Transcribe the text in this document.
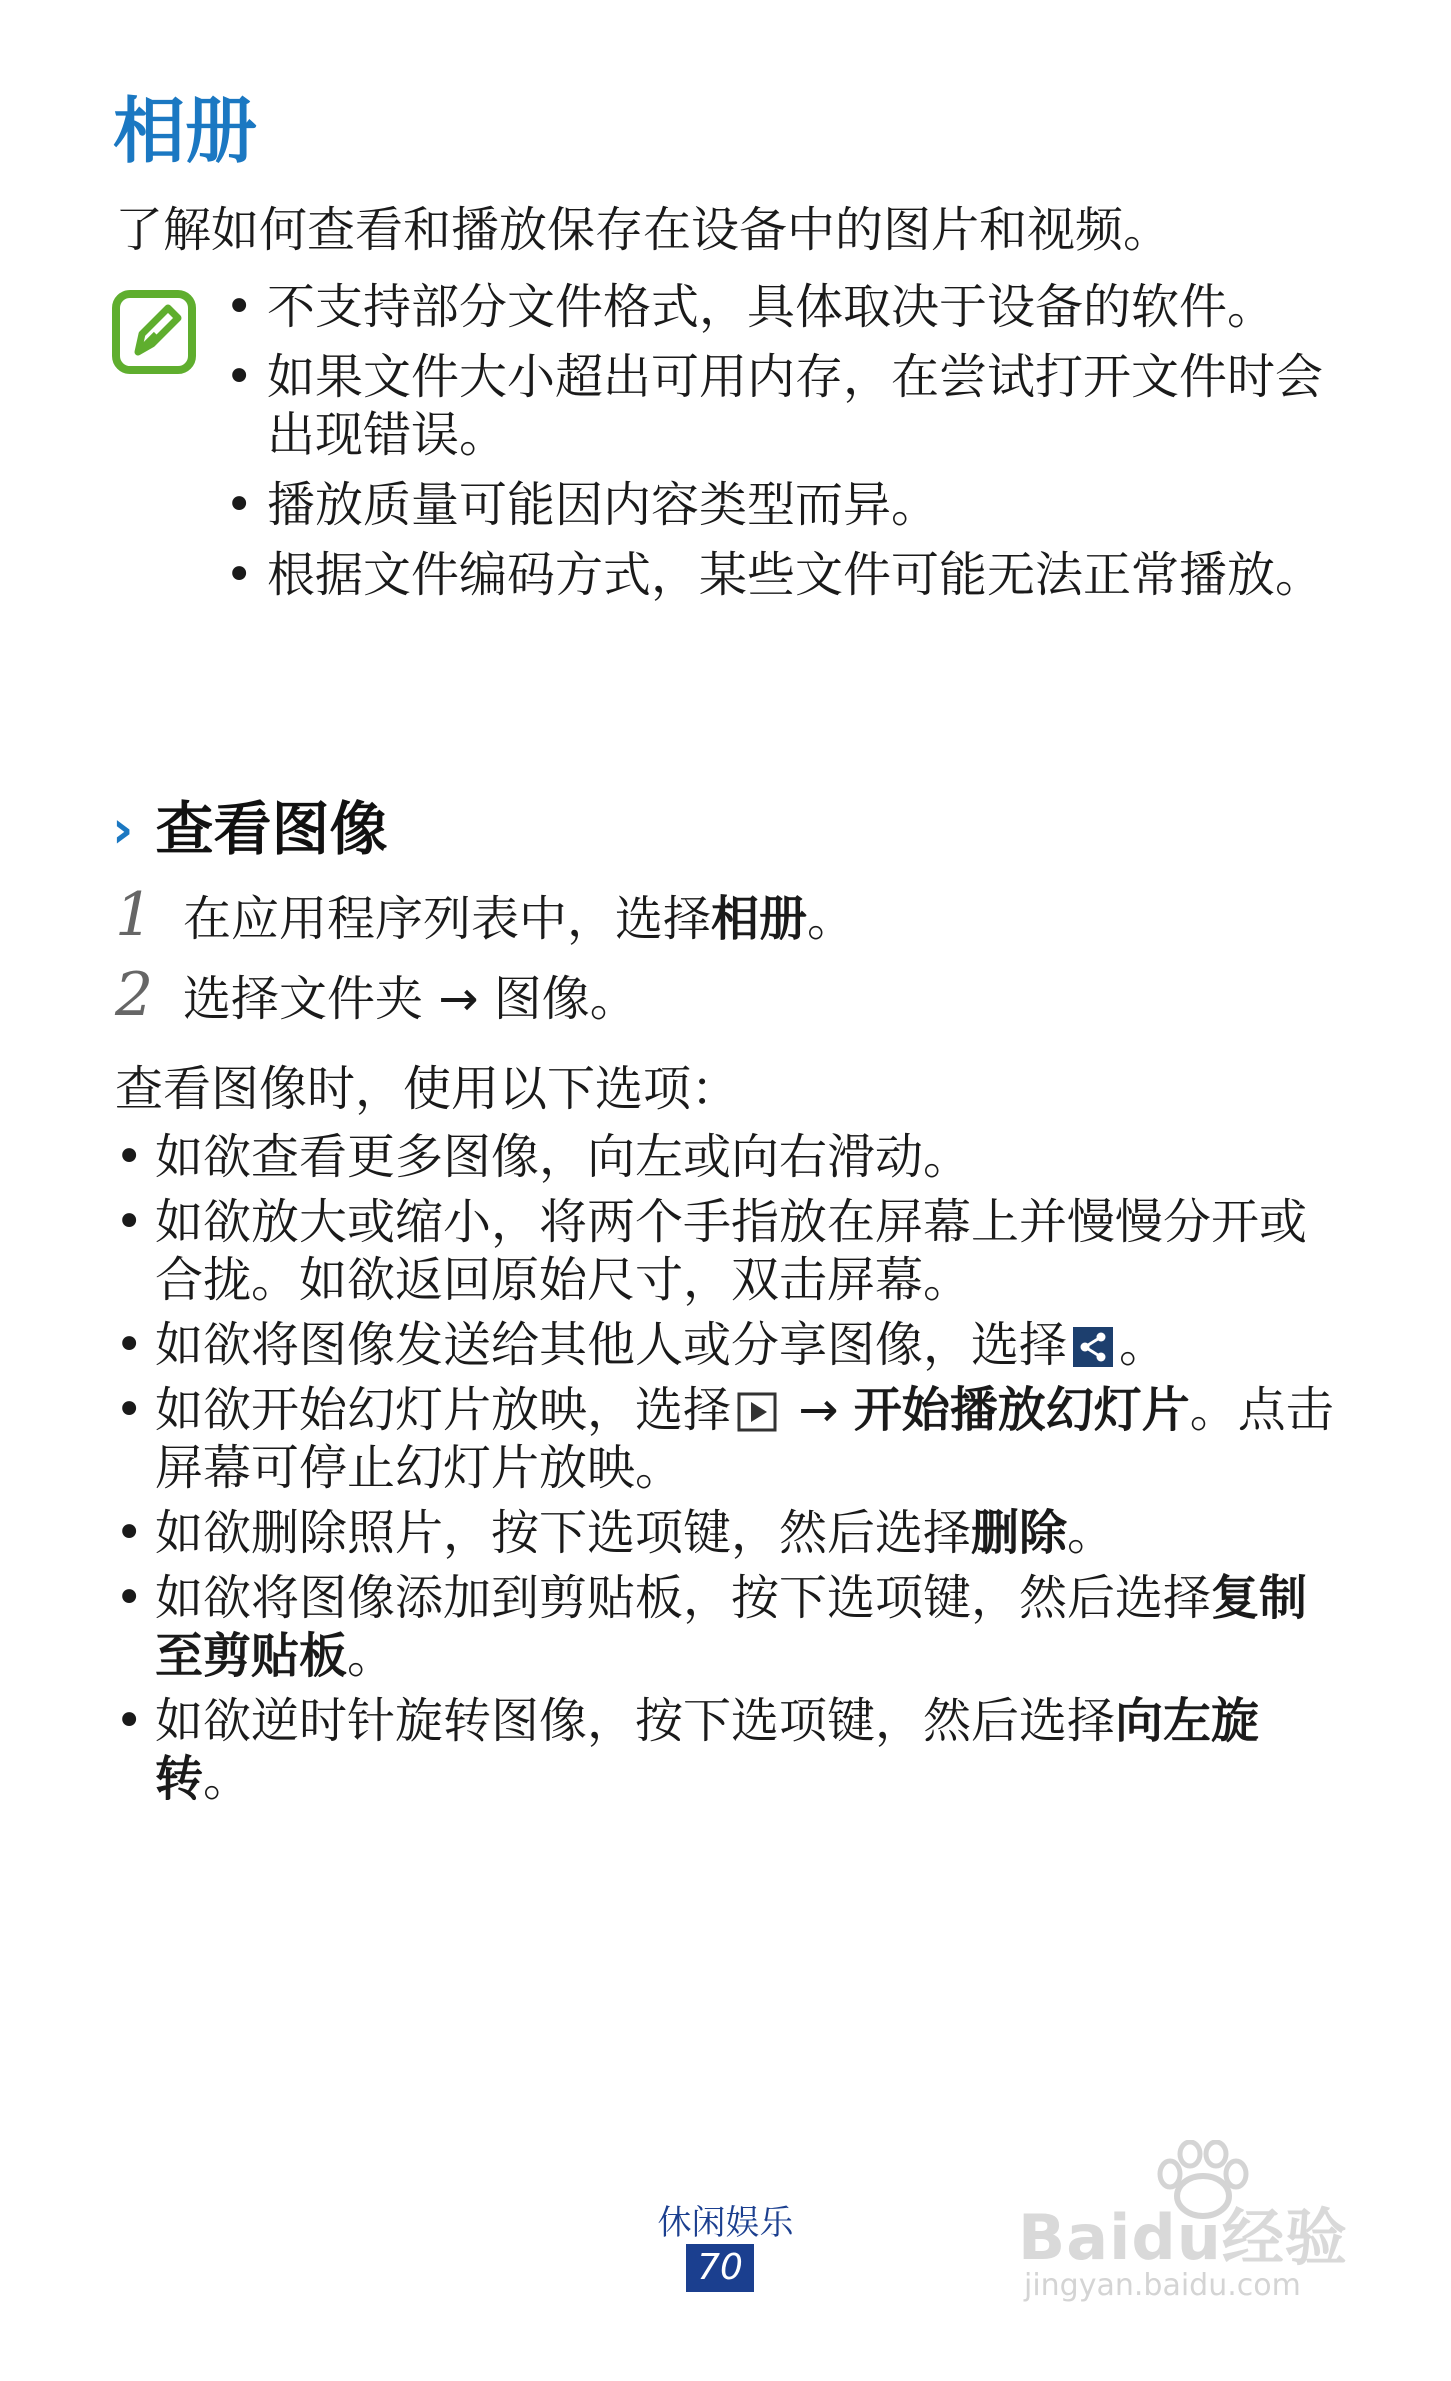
相册

了解如何查看和播放保存在设备中的图片和视频。

• 不支持部分文件格式，具体取决于设备的软件。
• 如果文件大小超出可用内存，在尝试打开文件时会出现错误。
• 播放质量可能因内容类型而异。
• 根据文件编码方式，某些文件可能无法正常播放。
› 查看图像
1 在应用程序列表中，选择相册。
2 选择文件夹 → 图像。

查看图像时，使用以下选项：

• 如欲查看更多图像，向左或向右滑动。
• 如欲放大或缩小，将两个手指放在屏幕上并慢慢分开或合拢。如欲返回原始尺寸，双击屏幕。
• 如欲将图像发送给其他人或分享图像，选择 。
• 如欲开始幻灯片放映，选择 → 开始播放幻灯片。点击屏幕可停止幻灯片放映。
• 如欲删除照片，按下选项键，然后选择删除。
• 如欲将图像添加到剪贴板，按下选项键，然后选择复制至剪贴板。
• 如欲逆时针旋转图像，按下选项键，然后选择向左旋转。
休闲娱乐
70	Baidu经验
jingyan.baidu.com
